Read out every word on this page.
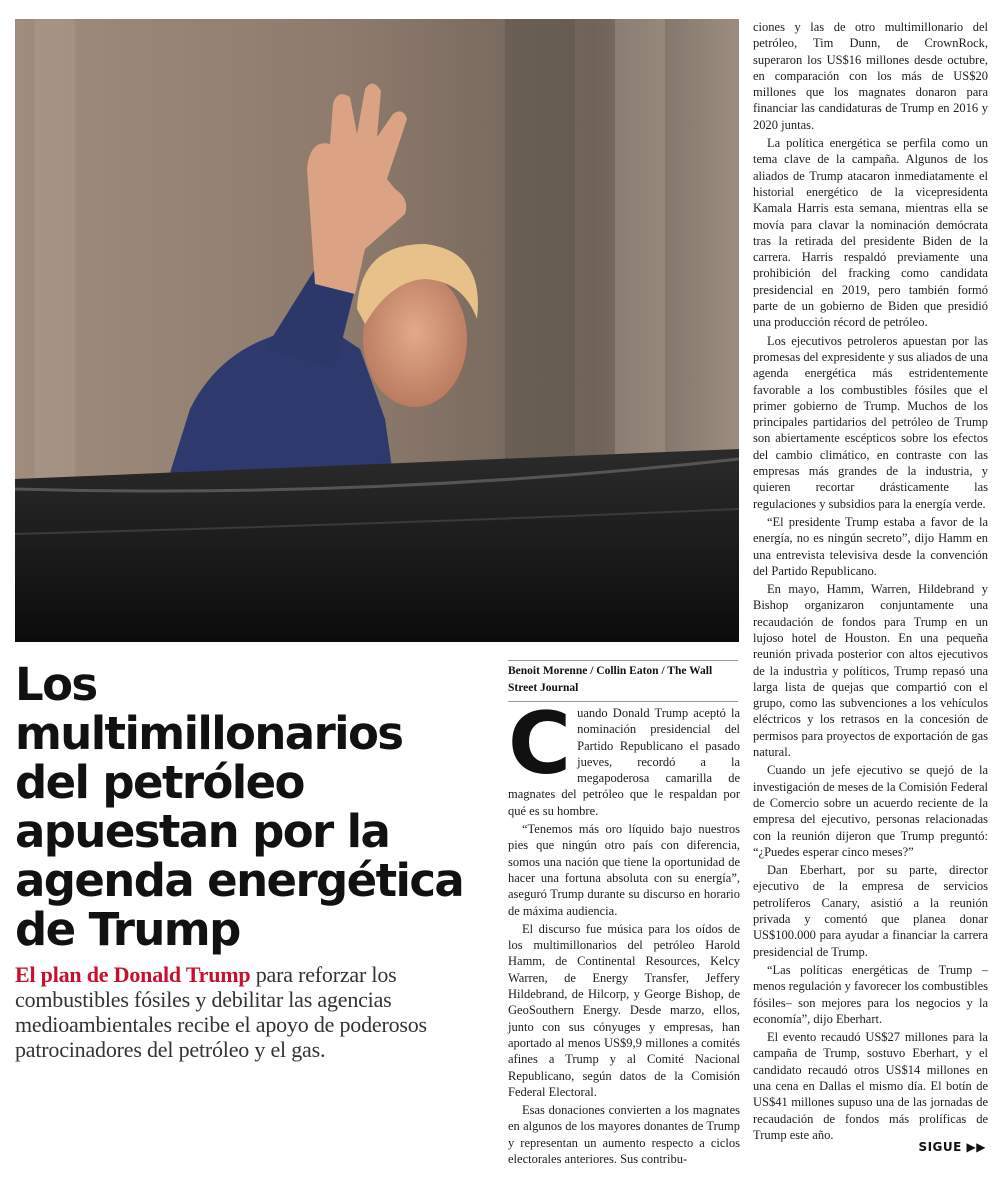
Los multimillonarios del petróleo apuestan por la agenda energética de Trump

El plan de Donald Trump para reforzar los combustibles fósiles y debilitar las agencias medioambientales recibe el apoyo de poderosos patrocinadores del petróleo y el gas.

Benoit Morenne / Collin Eaton / The Wall Street Journal

Cuando Donald Trump aceptó la nominación presidencial del Partido Republicano el pasado jueves, recordó a la megapoderosa camarilla de magnates del petróleo que le respaldan por qué es su hombre.

“Tenemos más oro líquido bajo nuestros pies que ningún otro país con diferencia, somos una nación que tiene la oportunidad de hacer una fortuna absoluta con su energía”, aseguró Trump durante su discurso en horario de máxima audiencia.

El discurso fue música para los oídos de los multimillonarios del petróleo Harold Hamm, de Continental Resources, Kelcy Warren, de Energy Transfer, Jeffery Hildebrand, de Hilcorp, y George Bishop, de GeoSouthern Energy. Desde marzo, ellos, junto con sus cónyuges y empresas, han aportado al menos US$9,9 millones a comités afines a Trump y al Comité Nacional Republicano, según datos de la Comisión Federal Electoral.

Esas donaciones convierten a los magnates en algunos de los mayores donantes de Trump y representan un aumento respecto a ciclos electorales anteriores. Sus contribu-

ciones y las de otro multimillonario del petróleo, Tim Dunn, de CrownRock, superaron los US$16 millones desde octubre, en comparación con los más de US$20 millones que los magnates donaron para financiar las candidaturas de Trump en 2016 y 2020 juntas.

La política energética se perfila como un tema clave de la campaña. Algunos de los aliados de Trump atacaron inmediatamente el historial energético de la vicepresidenta Kamala Harris esta semana, mientras ella se movía para clavar la nominación demócrata tras la retirada del presidente Biden de la carrera. Harris respaldó previamente una prohibición del fracking como candidata presidencial en 2019, pero también formó parte de un gobierno de Biden que presidió una producción récord de petróleo.

Los ejecutivos petroleros apuestan por las promesas del expresidente y sus aliados de una agenda energética más estridentemente favorable a los combustibles fósiles que el primer gobierno de Trump. Muchos de los principales partidarios del petróleo de Trump son abiertamente escépticos sobre los efectos del cambio climático, en contraste con las empresas más grandes de la industria, y quieren recortar drásticamente las regulaciones y subsidios para la energía verde.

“El presidente Trump estaba a favor de la energía, no es ningún secreto”, dijo Hamm en una entrevista televisiva desde la convención del Partido Republicano.

En mayo, Hamm, Warren, Hildebrand y Bishop organizaron conjuntamente una recaudación de fondos para Trump en un lujoso hotel de Houston. En una pequeña reunión privada posterior con altos ejecutivos de la industria y políticos, Trump repasó una larga lista de quejas que compartió con el grupo, como las subvenciones a los vehículos eléctricos y los retrasos en la concesión de permisos para proyectos de exportación de gas natural.

Cuando un jefe ejecutivo se quejó de la investigación de meses de la Comisión Federal de Comercio sobre un acuerdo reciente de la empresa del ejecutivo, personas relacionadas con la reunión dijeron que Trump preguntó: “¿Puedes esperar cinco meses?”

Dan Eberhart, por su parte, director ejecutivo de la empresa de servicios petrolíferos Canary, asistió a la reunión privada y comentó que planea donar US$100.000 para ayudar a financiar la carrera presidencial de Trump.

“Las políticas energéticas de Trump –menos regulación y favorecer los combustibles fósiles– son mejores para los negocios y la economía”, dijo Eberhart.

El evento recaudó US$27 millones para la campaña de Trump, sostuvo Eberhart, y el candidato recaudó otros US$14 millones en una cena en Dallas el mismo día. El botín de US$41 millones supuso una de las jornadas de recaudación de fondos más prolíficas de Trump este año.

SIGUE ▶▶
